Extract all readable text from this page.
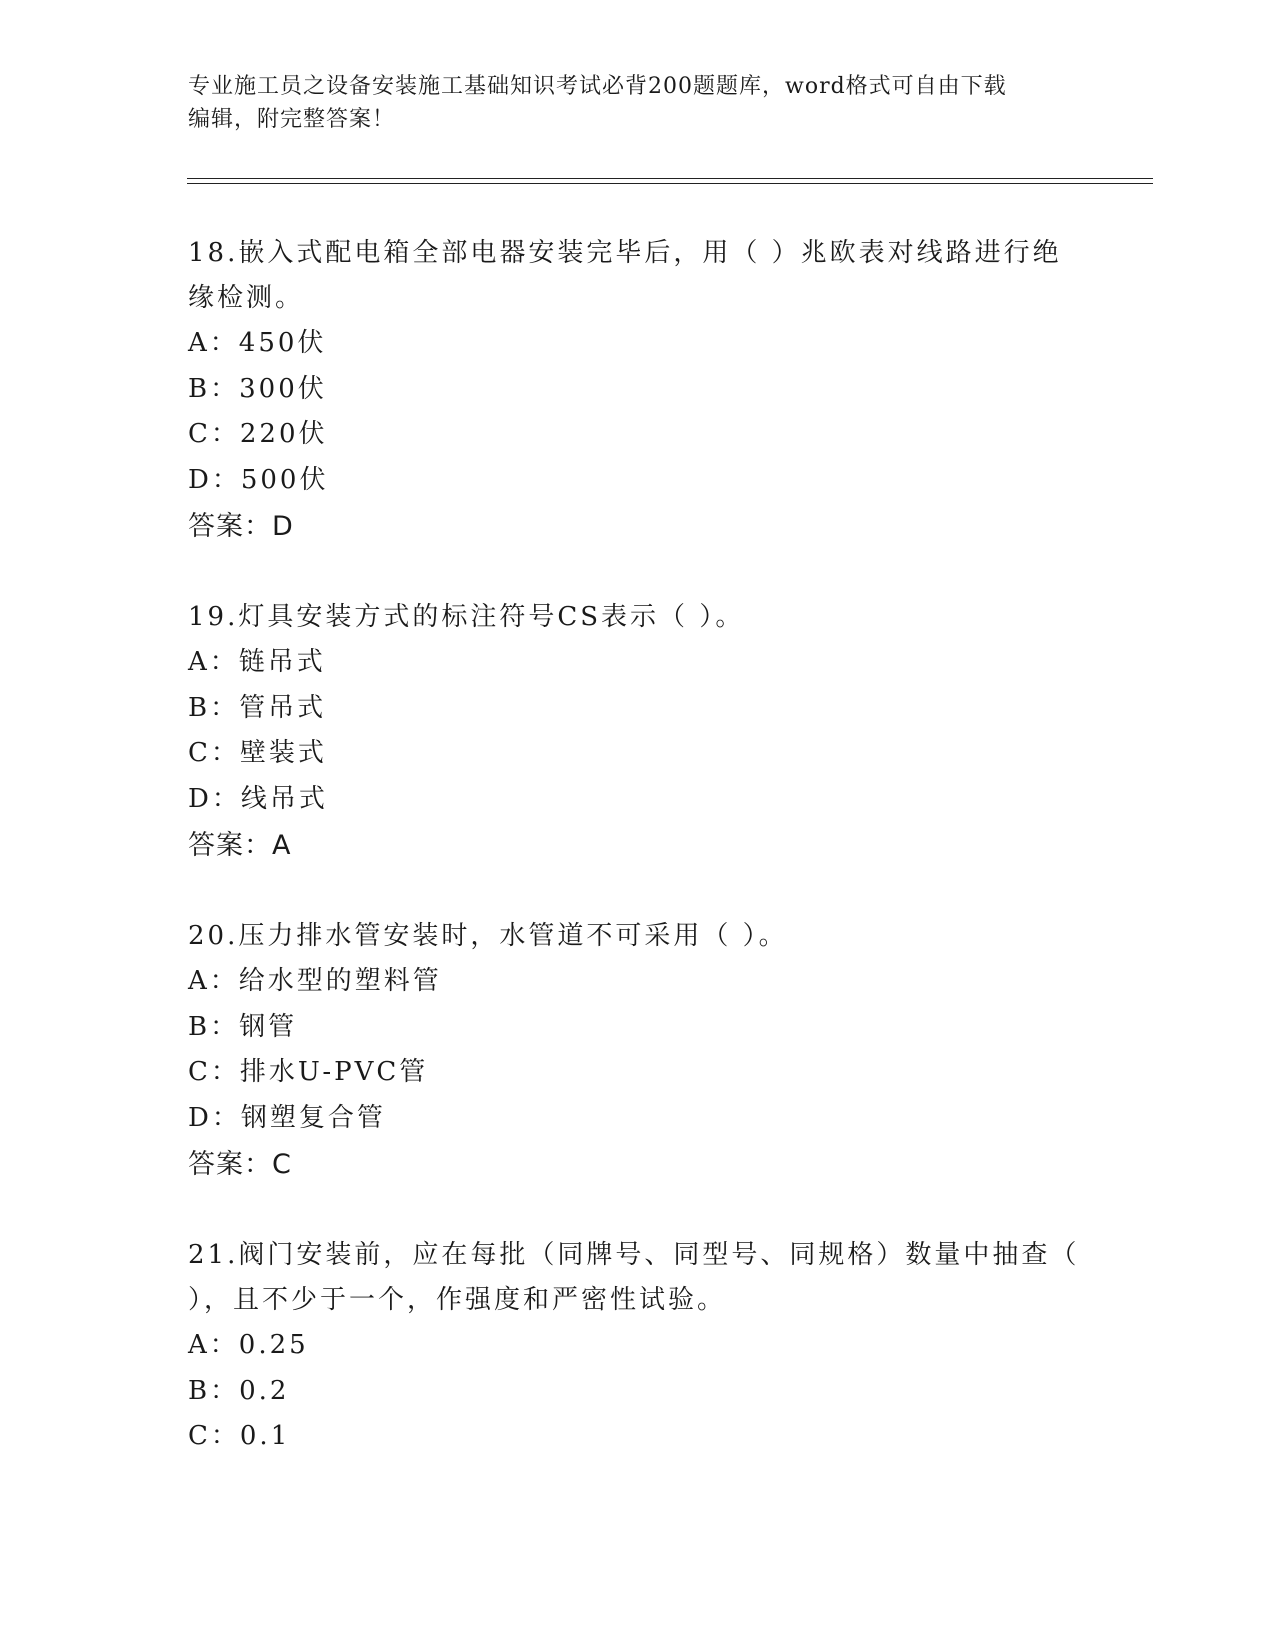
专业施工员之设备安装施工基础知识考试必背200题题库，word格式可自由下载
编辑，附完整答案！
18.嵌入式配电箱全部电器安装完毕后，用（ ）兆欧表对线路进行绝
缘检测。
A：450伏
B：300伏
C：220伏
D：500伏
答案：D
19.灯具安装方式的标注符号CS表示（ ）。
A：链吊式
B：管吊式
C：壁装式
D：线吊式
答案：A
20.压力排水管安装时，水管道不可采用（ ）。
A：给水型的塑料管
B：钢管
C：排水U-PVC管
D：钢塑复合管
答案：C
21.阀门安装前，应在每批（同牌号、同型号、同规格）数量中抽查（
），且不少于一个，作强度和严密性试验。
A：0.25
B：0.2
C：0.1
